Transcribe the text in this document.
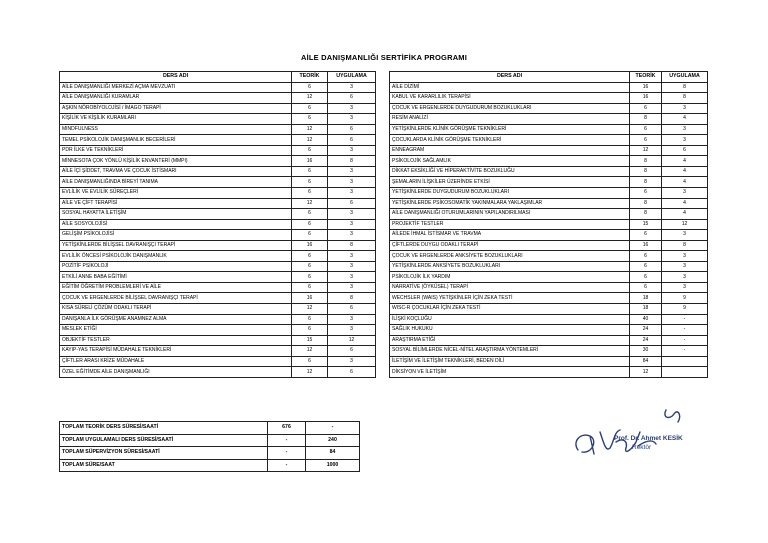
AİLE DANIŞMANLIĞI SERTİFİKA PROGRAMI
DERS ADI	TEORİK	UYGULAMA
AİLE DANIŞMANLIĞI MERKEZİ AÇMA MEVZUATI	6	3
AİLE DANIŞMANLIĞI KURAMLAR	12	6
AŞKIN NÖROBİYOLOJİSİ / İMAGO TERAPİ	6	3
KİŞİLİK VE KİŞİLİK KURAMLARI	6	3
MINDFULNESS	12	6
TEMEL PSİKOLOJİK DANIŞMANLIK BECERİLERİ	12	6
PDR İLKE VE TEKNİKLERİ	6	3
MİNNESOTA ÇOK YÖNLÜ KİŞİLİK ENVANTERİ (MMPI)	16	8
AİLE İÇİ ŞİDDET, TRAVMA VE ÇOCUK İSTİSMARI	6	3
AİLE DANIŞMANLIĞINDA BİREYİ TANIMA	6	3
EVLİLİK VE EVLİLİK SÜREÇLERİ	6	3
AİLE VE ÇİFT TERAPİSİ	12	6
SOSYAL HAYATTA İLETİŞİM	6	3
AİLE SOSYOLOJİSİ	6	3
GELİŞİM PSİKOLOJİSİ	6	3
YETİŞKİNLERDE BİLİŞSEL DAVRANIŞÇI TERAPİ	16	8
EVLİLİK ÖNCESİ PSİKOLOJİK DANIŞMANLIK	6	3
POZİTİF PSİKOLOJİ	6	3
ETKİLİ ANNE BABA EĞİTİMİ	6	3
EĞİTİM ÖĞRETİM PROBLEMLERİ VE AİLE	6	3
ÇOCUK VE ERGENLERDE BİLİŞSEL DAVRANIŞÇI TERAPİ	16	8
KISA SÜRELİ ÇÖZÜM ODAKLI TERAPİ	12	6
DANIŞANLA İLK GÖRÜŞME ANAMNEZ ALMA	6	3
MESLEK ETİĞİ	6	3
OBJEKTİF TESTLER	15	12
KAYIP-YAS TERAPİSİ MÜDAHALE TEKNİKLERİ	12	6
ÇİFTLER ARASI KRİZE MÜDAHALE	6	3
ÖZEL EĞİTİMDE AİLE DANIŞMANLIĞI	12	6
DERS ADI	TEORİK	UYGULAMA
AİLE DİZİMİ	16	8
KABUL VE KARARLILIK TERAPİSİ	16	8
ÇOCUK VE ERGENLERDE DUYGUDURUM BOZUKLUKLARI	6	3
RESİM ANALİZİ	8	4
YETİŞKİNLERDE KLİNİK GÖRÜŞME TEKNİKLERİ	6	3
ÇOCUKLARDA KLİNİK GÖRÜŞME TEKNİKLERİ	6	3
ENNEAGRAM	12	6
PSİKOLOJİK SAĞLAMLIK	8	4
DİKKAT EKSİKLİĞİ VE HİPERAKTİVİTE BOZUKLUĞU	8	4
ŞEMALARIN İLİŞKİLER ÜZERİNDE ETKİSİ	8	4
YETİŞKİNLERDE DUYGUDURUM BOZUKLUKLARI	6	3
YETİŞKİNLERDE PSİKOSOMATİK YAKINMALARA YAKLAŞIMLAR	8	4
AİLE DANIŞMANLIĞI OTURUMLARININ YAPILANDIRILMASI	8	4
PROJEKTİF TESTLER	15	12
AİLEDE İHMAL İSTİSMAR VE TRAVMA	6	3
ÇİFTLERDE DUYGU ODAKLI TERAPİ	16	8
ÇOCUK VE ERGENLERDE ANKSİYETE BOZUKLUKLARI	6	3
YETİŞKİNLERDE ANKSİYETE BOZUKLUKLARI	6	3
PSİKOLOJİK İLK YARDIM	6	3
NARRATİVE (ÖYKÜSEL) TERAPİ	6	3
WECHSLER (WAIS) YETİŞKİNLER İÇİN ZEKA TESTİ	18	9
WISC-R ÇOCUKLAR İÇİN ZEKA TESTİ	18	9
İLİŞKİ KOÇLUĞU	40	-
SAĞLIK HUKUKU	24	-
ARAŞTIRMA ETİĞİ	24	-
SOSYAL BİLİMLERDE NİCEL-NİTEL ARAŞTIRMA YÖNTEMLERİ	30	-
İLETİŞİM VE İLETİŞİM TEKNİKLERİ, BEDEN DİLİ	84	
DİKSİYON VE İLETİŞİM	12	
TOPLAM TEORİK DERS SÜRESİ/SAATİ	676	-
TOPLAM UYGULAMALI DERS SÜRESİ/SAATİ	-	240
TOPLAM SÜPERVİZYON SÜRESİ/SAATİ	-	84
TOPLAM SÜRE/SAAT	-	1000
Prof. Dr. Ahmet KESİK
Rektör
